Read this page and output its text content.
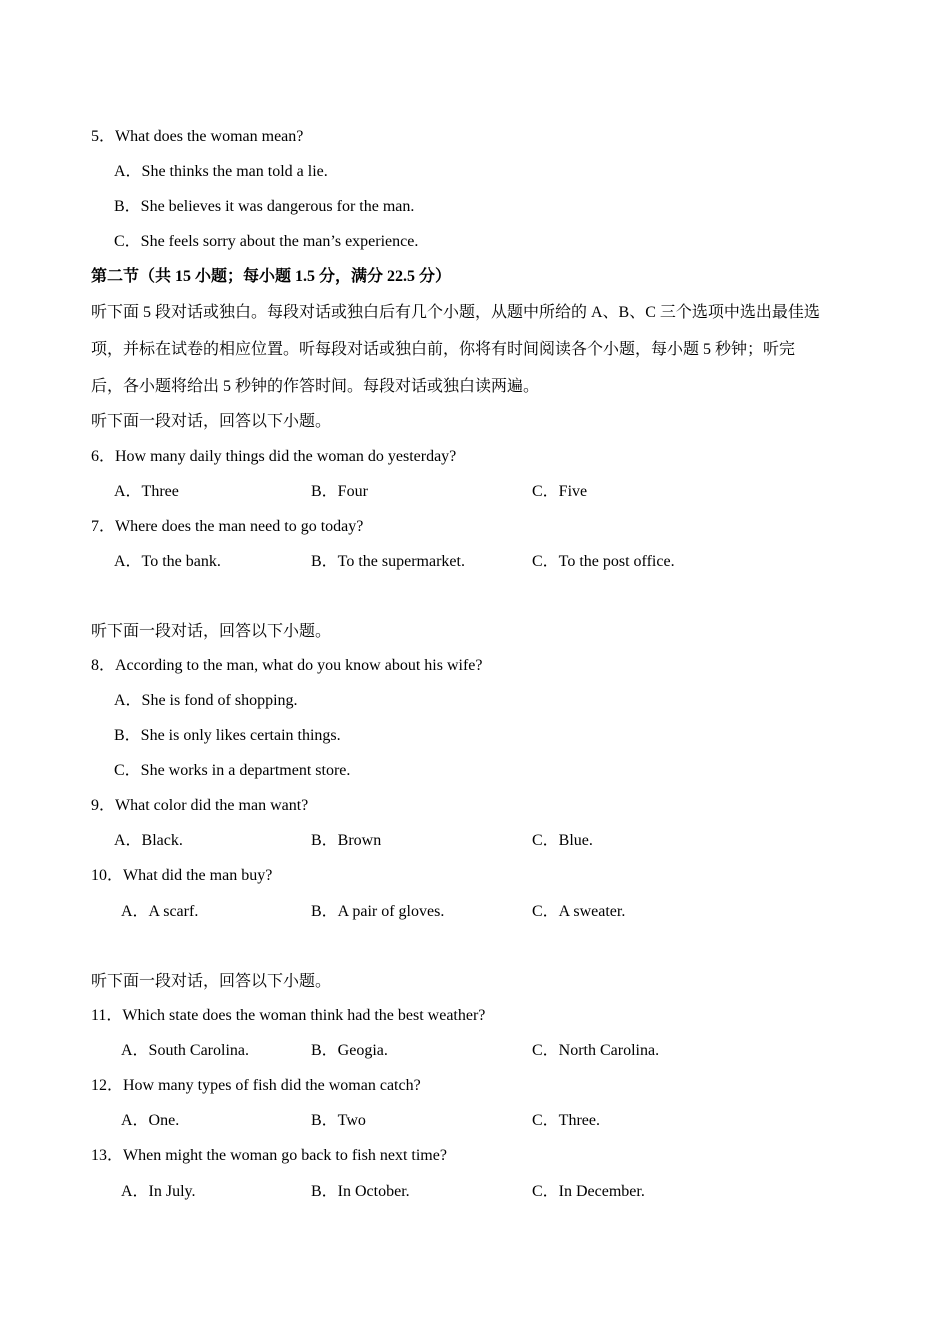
5．What does the woman mean?
A．She thinks the man told a lie.
B．She believes it was dangerous for the man.
C．She feels sorry about the man’s experience.
第二节（共 15 小题；每小题 1.5 分，满分 22.5 分）
听下面 5 段对话或独白。每段对话或独白后有几个小题，从题中所给的 A、B、C 三个选项中选出最佳选
项，并标在试卷的相应位置。听每段对话或独白前，你将有时间阅读各个小题，每小题 5 秒钟；听完
后，各小题将给出 5 秒钟的作答时间。每段对话或独白读两遍。
听下面一段对话，回答以下小题。
6．How many daily things did the woman do yesterday?
A．Three	B．Four	C．Five
7．Where does the man need to go today?
A．To the bank.	B．To the supermarket.	C．To the post office.
听下面一段对话，回答以下小题。
8．According to the man, what do you know about his wife?
A．She is fond of shopping.
B．She is only likes certain things.
C．She works in a department store.
9．What color did the man want?
A．Black.	B．Brown	C．Blue.
10．What did the man buy?
A．A scarf.	B．A pair of gloves.	C．A sweater.
听下面一段对话，回答以下小题。
11．Which state does the woman think had the best weather?
A．South Carolina.	B．Geogia.	C．North Carolina.
12．How many types of fish did the woman catch?
A．One.	B．Two	C．Three.
13．When might the woman go back to fish next time?
A．In July.	B．In October.	C．In December.
